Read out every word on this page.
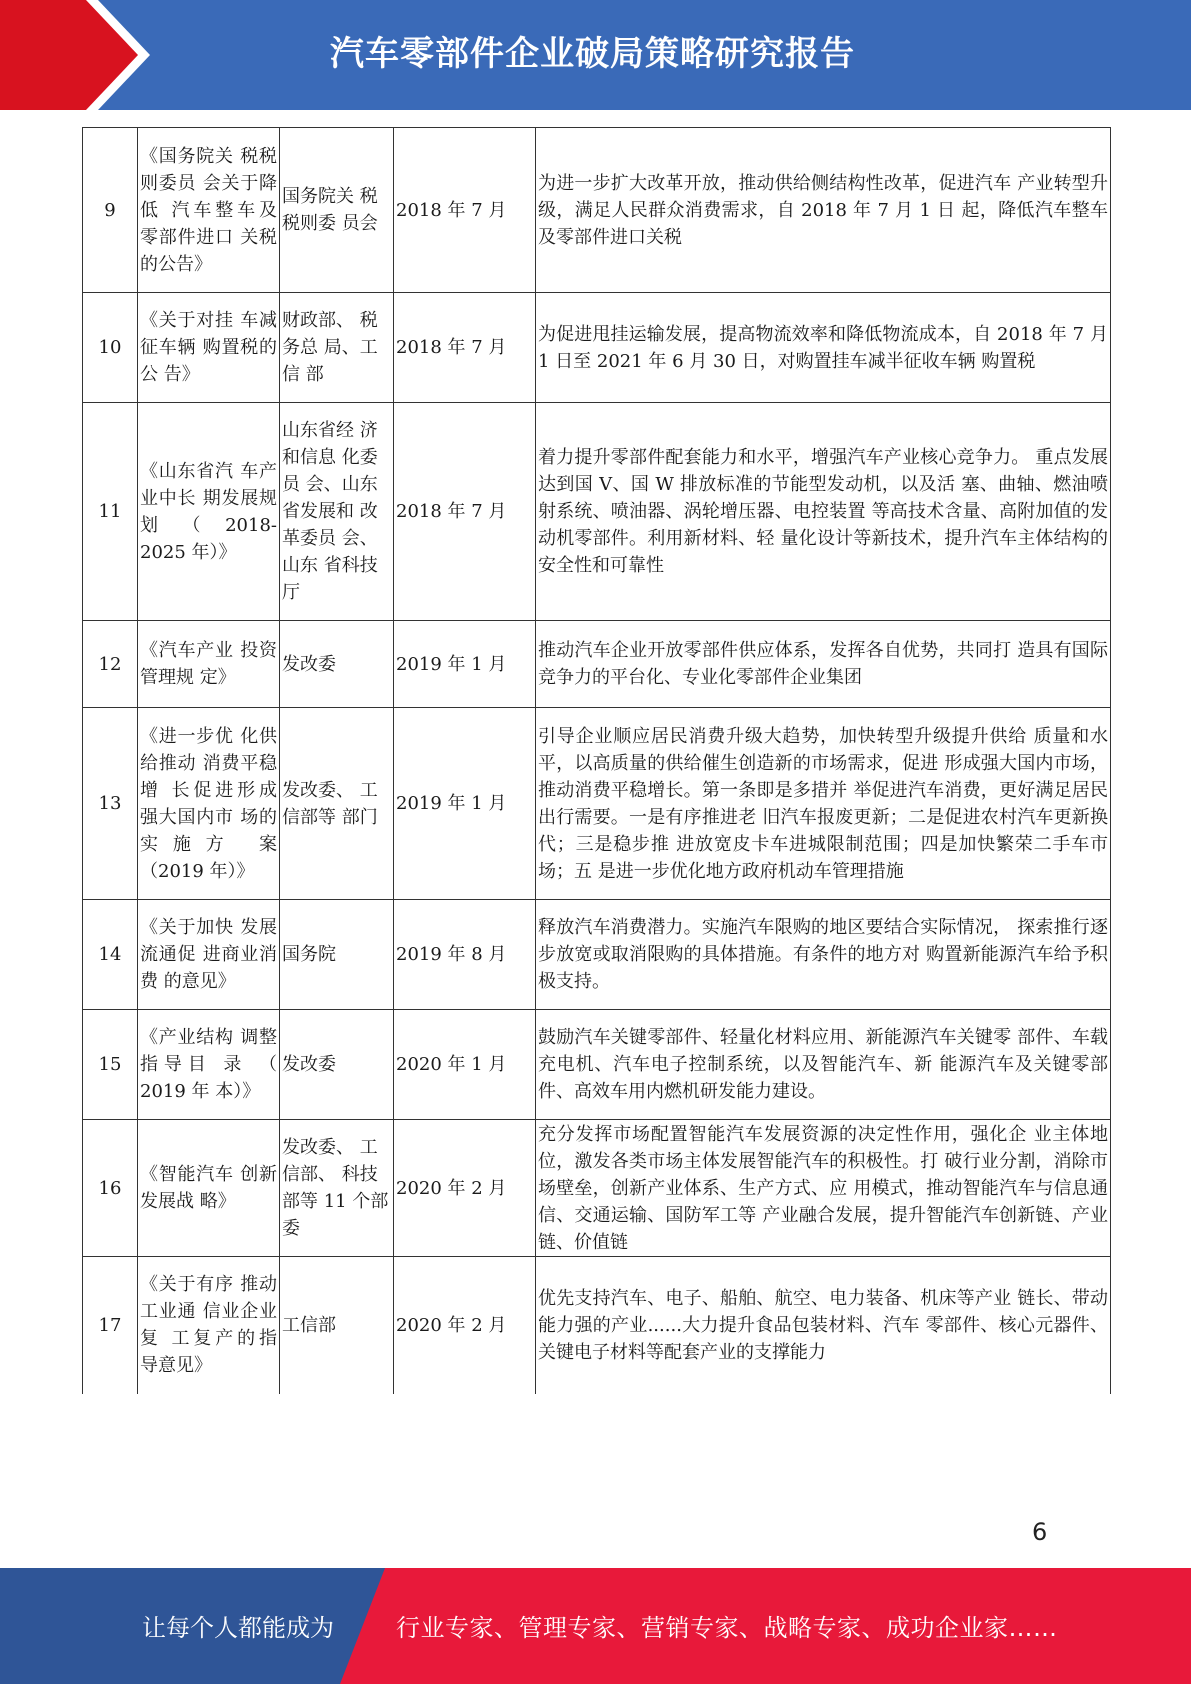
汽车零部件企业破局策略研究报告
9	《国务院关 税税则委员 会关于降低 汽车整车及 零部件进口 关税的公告》	国务院关 税税则委 员会	2018 年 7 月	为进一步扩大改革开放，推动供给侧结构性改革，促进汽车 产业转型升级，满足人民群众消费需求，自 2018 年 7 月 1 日 起，降低汽车整车及零部件进口关税
10	《关于对挂 车减征车辆 购置税的公 告》	财政部、 税务总 局、工信 部	2018 年 7 月	为促进甩挂运输发展，提高物流效率和降低物流成本，自 2018 年 7 月 1 日至 2021 年 6 月 30 日，对购置挂车减半征收车辆 购置税
11	《山东省汽 车产业中长 期发展规划 （ 2018-2025 年）》	山东省经 济和信息 化委员 会、山东省发展和 改革委员 会、山东 省科技厅	2018 年 7 月	着力提升零部件配套能力和水平，增强汽车产业核心竞争力。 重点发展达到国 V、国 W 排放标准的节能型发动机，以及活 塞、曲轴、燃油喷射系统、喷油器、涡轮增压器、电控装置 等高技术含量、高附加值的发动机零部件。利用新材料、轻 量化设计等新技术，提升汽车主体结构的安全性和可靠性
12	《汽车产业 投资管理规 定》	发改委	2019 年 1 月	推动汽车企业开放零部件供应体系，发挥各自优势，共同打 造具有国际竞争力的平台化、专业化零部件企业集团
13	《进一步优 化供给推动 消费平稳增 长促进形成 强大国内市 场的实施方 案（2019 年）》	发改委、 工信部等 部门	2019 年 1 月	引导企业顺应居民消费升级大趋势，加快转型升级提升供给 质量和水平，以高质量的供给催生创造新的市场需求，促进 形成强大国内市场，推动消费平稳增长。第一条即是多措并 举促进汽车消费，更好满足居民出行需要。一是有序推进老 旧汽车报废更新；二是促进农村汽车更新换代；三是稳步推 进放宽皮卡车进城限制范围；四是加快繁荣二手车市场；五 是进一步优化地方政府机动车管理措施
14	《关于加快 发展流通促 进商业消费 的意见》	国务院	2019 年 8 月	释放汽车消费潜力。实施汽车限购的地区要结合实际情况， 探索推行逐步放宽或取消限购的具体措施。有条件的地方对 购置新能源汽车给予积极支持。
15	《产业结构 调整指导目 录 （ 2019 年 本）》	发改委	2020 年 1 月	鼓励汽车关键零部件、轻量化材料应用、新能源汽车关键零 部件、车载充电机、汽车电子控制系统，以及智能汽车、新 能源汽车及关键零部件、高效车用内燃机研发能力建设。
16	《智能汽车 创新发展战 略》	发改委、 工信部、 科技部等 11 个部委	2020 年 2 月	充分发挥市场配置智能汽车发展资源的决定性作用，强化企 业主体地位，激发各类市场主体发展智能汽车的积极性。打 破行业分割，消除市场壁垒，创新产业体系、生产方式、应 用模式，推动智能汽车与信息通信、交通运输、国防军工等 产业融合发展，提升智能汽车创新链、产业链、价值链
17	《关于有序 推动工业通 信业企业复 工复产的指 导意见》	工信部	2020 年 2 月	优先支持汽车、电子、船舶、航空、电力装备、机床等产业 链长、带动能力强的产业......大力提升食品包装材料、汽车 零部件、核心元器件、关键电子材料等配套产业的支撑能力
6
让每个人都能成为	行业专家、管理专家、营销专家、战略专家、成功企业家……
